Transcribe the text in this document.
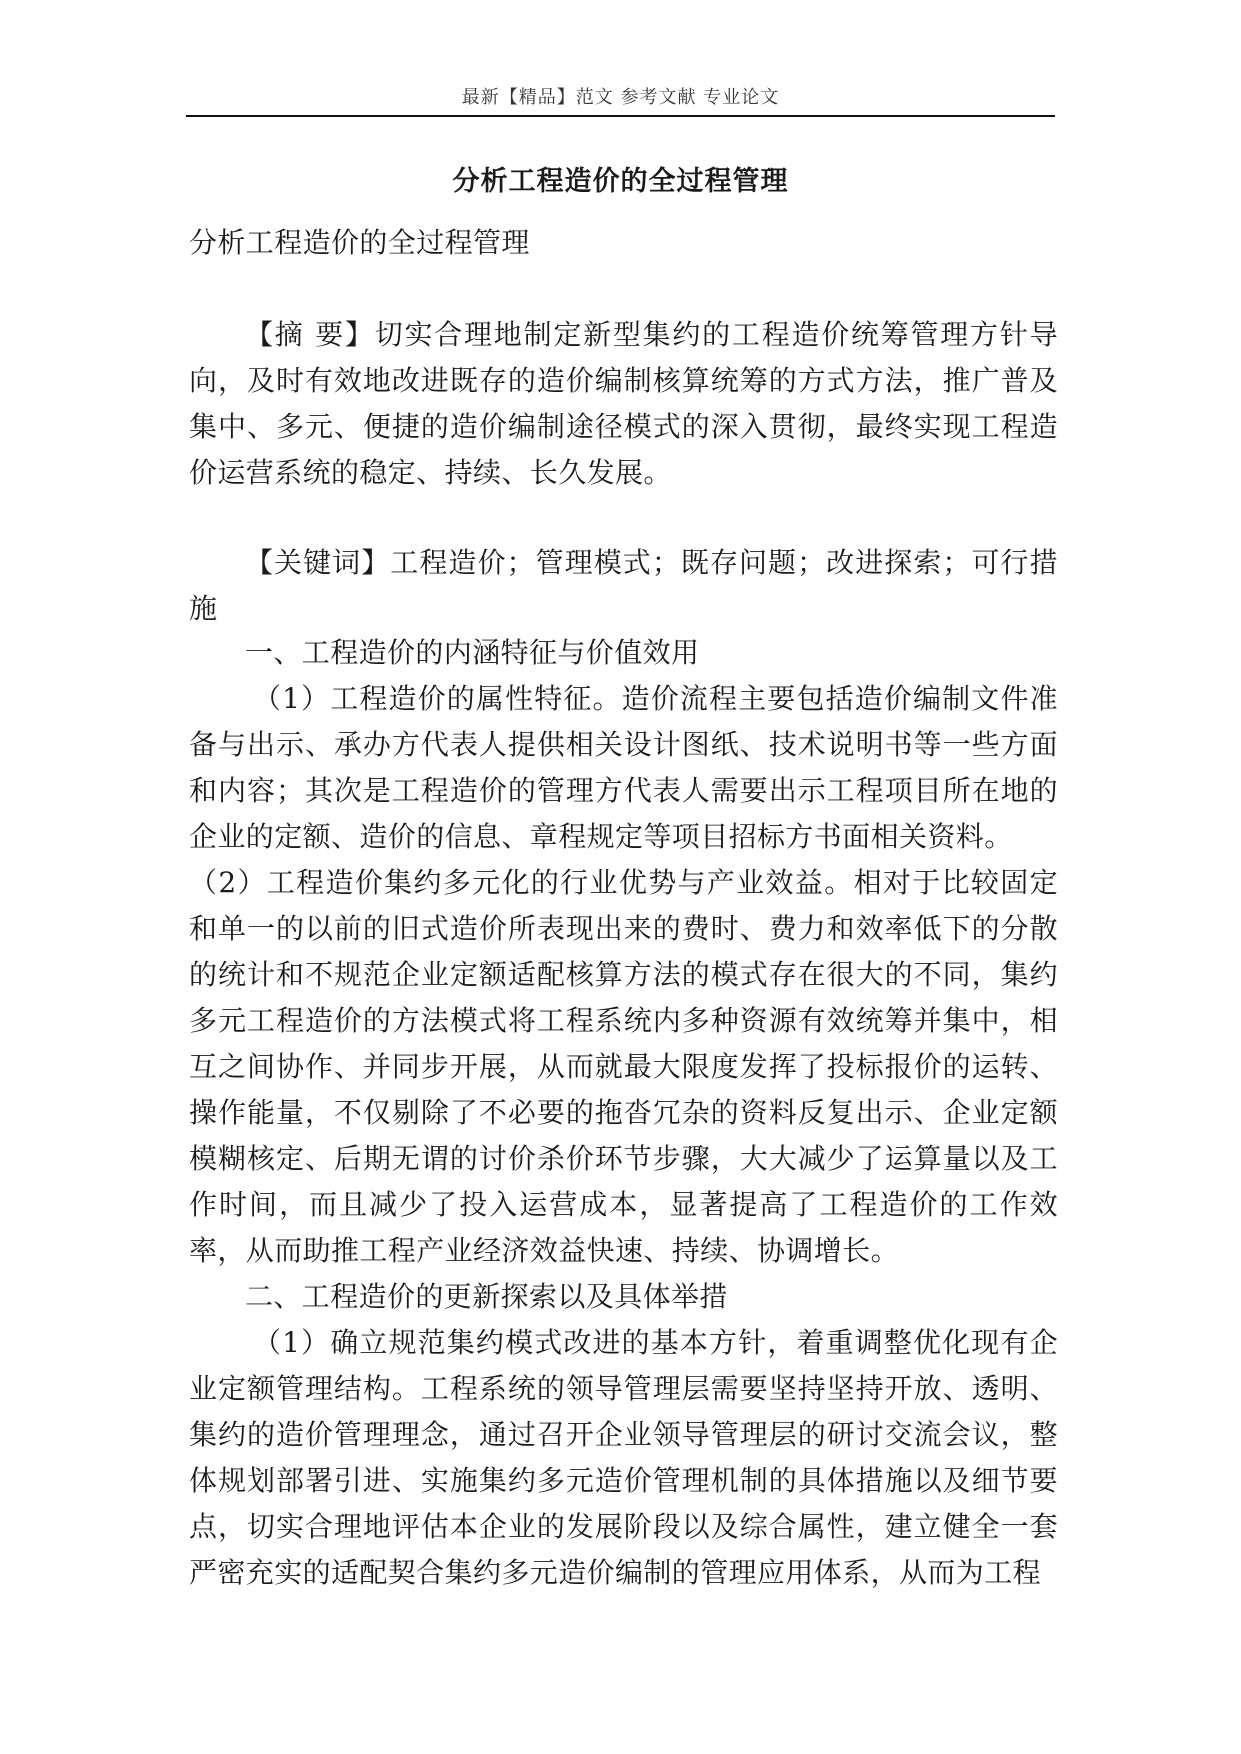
最新【精品】范文 参考文献 专业论文
分析工程造价的全过程管理

分析工程造价的全过程管理

【摘 要】切实合理地制定新型集约的工程造价统筹管理方针导向，及时有效地改进既存的造价编制核算统筹的方式方法，推广普及集中、多元、便捷的造价编制途径模式的深入贯彻，最终实现工程造价运营系统的稳定、持续、长久发展。

【关键词】工程造价；管理模式；既存问题；改进探索；可行措施

一、工程造价的内涵特征与价值效用

（1）工程造价的属性特征。造价流程主要包括造价编制文件准备与出示、承办方代表人提供相关设计图纸、技术说明书等一些方面和内容；其次是工程造价的管理方代表人需要出示工程项目所在地的企业的定额、造价的信息、章程规定等项目招标方书面相关资料。

（2）工程造价集约多元化的行业优势与产业效益。相对于比较固定和单一的以前的旧式造价所表现出来的费时、费力和效率低下的分散的统计和不规范企业定额适配核算方法的模式存在很大的不同，集约多元工程造价的方法模式将工程系统内多种资源有效统筹并集中，相互之间协作、并同步开展，从而就最大限度发挥了投标报价的运转、操作能量，不仅剔除了不必要的拖沓冗杂的资料反复出示、企业定额模糊核定、后期无谓的讨价杀价环节步骤，大大减少了运算量以及工作时间，而且减少了投入运营成本，显著提高了工程造价的工作效率，从而助推工程产业经济效益快速、持续、协调增长。

二、工程造价的更新探索以及具体举措

（1）确立规范集约模式改进的基本方针，着重调整优化现有企业定额管理结构。工程系统的领导管理层需要坚持坚持开放、透明、集约的造价管理理念，通过召开企业领导管理层的研讨交流会议，整体规划部署引进、实施集约多元造价管理机制的具体措施以及细节要点，切实合理地评估本企业的发展阶段以及综合属性，建立健全一套严密充实的适配契合集约多元造价编制的管理应用体系，从而为工程
